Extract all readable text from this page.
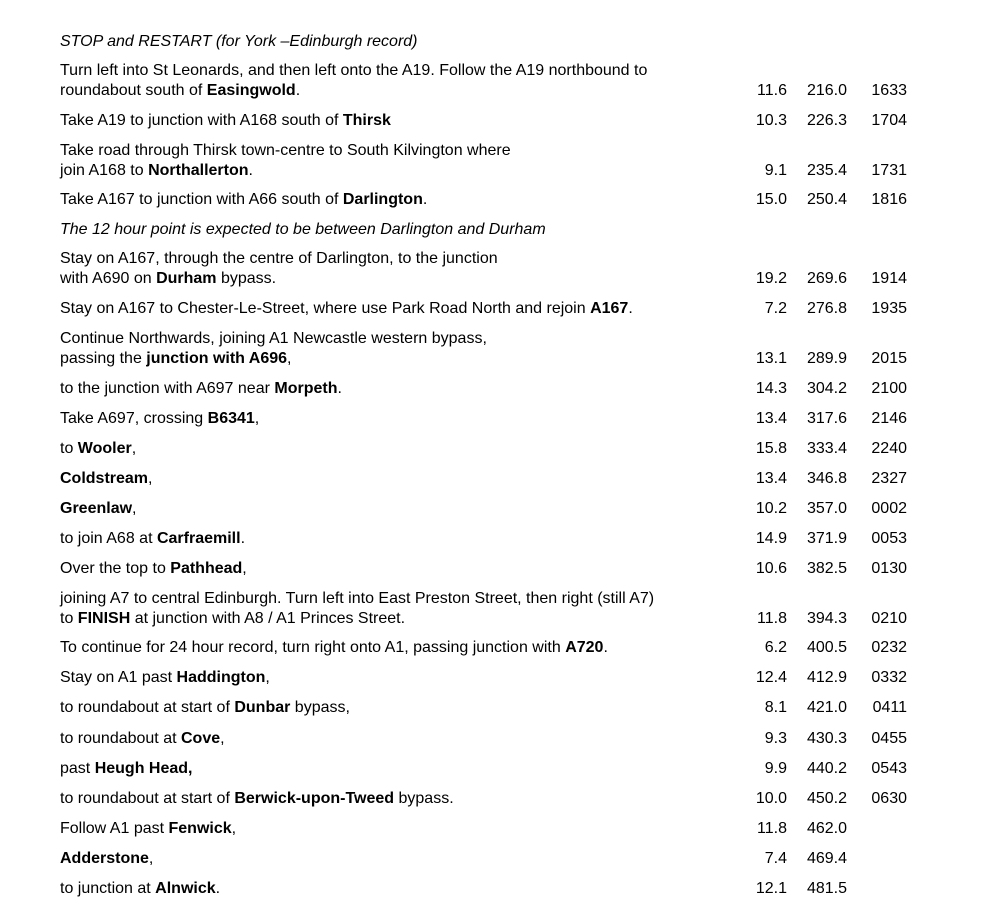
STOP and RESTART (for York –Edinburgh record)
Turn left into St Leonards, and then left onto the A19. Follow the A19 northbound to
roundabout south of Easingwold.	11.6	216.0	1633
Take A19 to junction with A168 south of Thirsk	10.3	226.3	1704
Take road through Thirsk town-centre to South Kilvington where
join A168 to Northallerton.	9.1	235.4	1731
Take A167 to junction with A66 south of Darlington.	15.0	250.4	1816
The 12 hour point is expected to be between Darlington and Durham
Stay on A167, through the centre of Darlington, to the junction
with A690 on Durham bypass.	19.2	269.6	1914
Stay on A167 to Chester-Le-Street, where use Park Road North and rejoin A167.	7.2	276.8	1935
Continue Northwards, joining A1 Newcastle western bypass,
passing the junction with A696,	13.1	289.9	2015
to the junction with A697 near Morpeth.	14.3	304.2	2100
Take A697, crossing B6341,	13.4	317.6	2146
to Wooler,	15.8	333.4	2240
Coldstream,	13.4	346.8	2327
Greenlaw,	10.2	357.0	0002
to join A68 at Carfraemill.	14.9	371.9	0053
Over the top to Pathhead,	10.6	382.5	0130
joining A7 to central Edinburgh. Turn left into East Preston Street, then right (still A7)
to FINISH at junction with A8 / A1 Princes Street.	11.8	394.3	0210
To continue for 24 hour record, turn right onto A1, passing junction with A720.	6.2	400.5	0232
Stay on A1 past Haddington,	12.4	412.9	0332
to roundabout at start of Dunbar bypass,	8.1	421.0	0411
to roundabout at Cove,	9.3	430.3	0455
past Heugh Head,	9.9	440.2	0543
to roundabout at start of Berwick-upon-Tweed bypass.	10.0	450.2	0630
Follow A1 past Fenwick,	11.8	462.0
Adderstone,	7.4	469.4
to junction at Alnwick.	12.1	481.5
